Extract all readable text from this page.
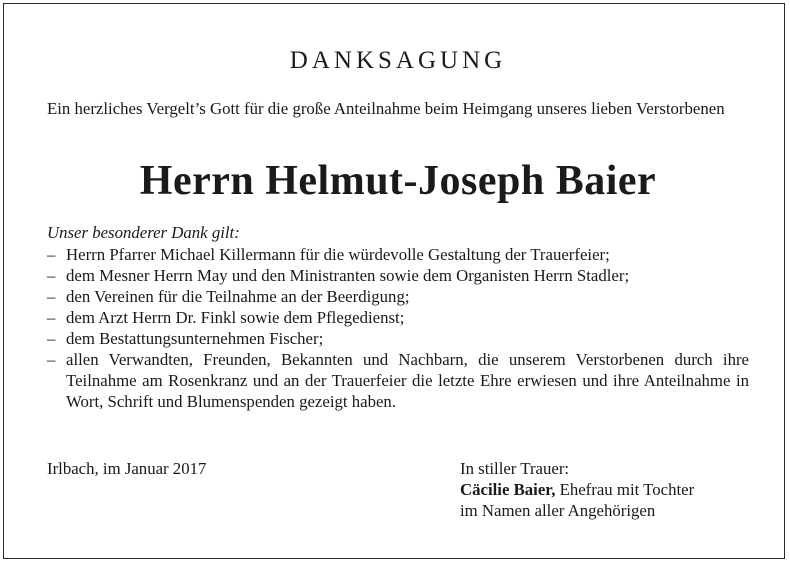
DANKSAGUNG
Ein herzliches Vergelt’s Gott für die große Anteilnahme beim Heimgang unseres lieben Verstorbenen
Herrn Helmut-Joseph Baier
Unser besonderer Dank gilt:
– Herrn Pfarrer Michael Killermann für die würdevolle Gestaltung der Trauerfeier;
– dem Mesner Herrn May und den Ministranten sowie dem Organisten Herrn Stadler;
– den Vereinen für die Teilnahme an der Beerdigung;
– dem Arzt Herrn Dr. Finkl sowie dem Pflegedienst;
– dem Bestattungsunternehmen Fischer;
– allen Verwandten, Freunden, Bekannten und Nachbarn, die unserem Verstorbenen durch ihre Teilnahme am Rosenkranz und an der Trauerfeier die letzte Ehre erwiesen und ihre Anteilnahme in Wort, Schrift und Blumenspenden gezeigt haben.
Irlbach, im Januar 2017	In stiller Trauer:
Cäcilie Baier, Ehefrau mit Tochter
im Namen aller Angehörigen
